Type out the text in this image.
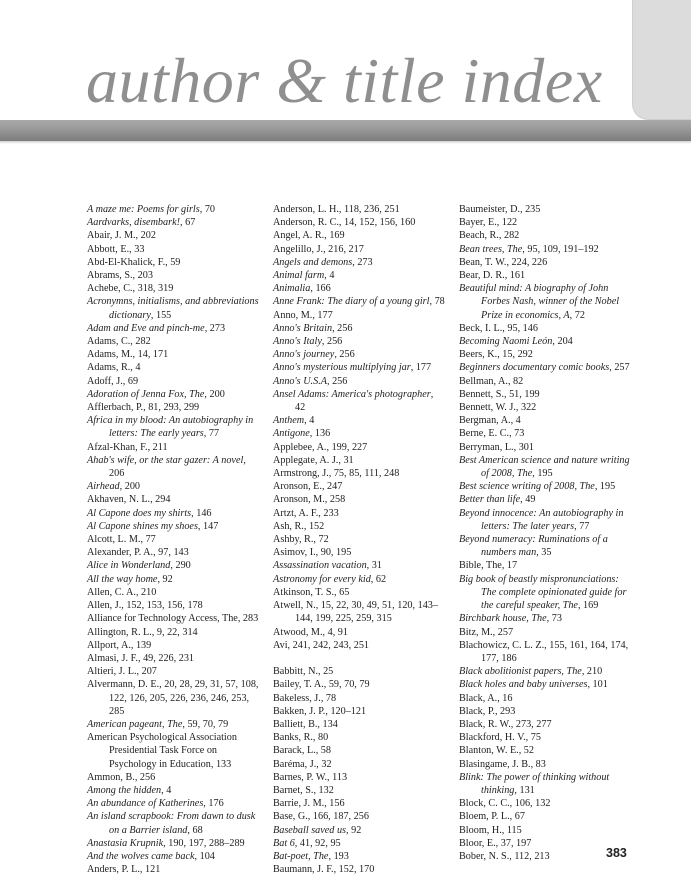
author & title index

A maze me: Poems for girls, 70

Aardvarks, disembark!, 67

Abair, J. M., 202

Abbott, E., 33

Abd-El-Khalick, F., 59

Abrams, S., 203

Achebe, C., 318, 319

Acronymns, initialisms, and abbreviations dictionary, 155

Adam and Eve and pinch-me, 273

Adams, C., 282

Adams, M., 14, 171

Adams, R., 4

Adoff, J., 69

Adoration of Jenna Fox, The, 200

Afflerbach, P., 81, 293, 299

Africa in my blood: An autobiography in letters: The early years, 77

Afzal-Khan, F., 211

Ahab's wife, or the star gazer: A novel, 206

Airhead, 200

Akhaven, N. L., 294

Al Capone does my shirts, 146

Al Capone shines my shoes, 147

Alcott, L. M., 77

Alexander, P. A., 97, 143

Alice in Wonderland, 290

All the way home, 92

Allen, C. A., 210

Allen, J., 152, 153, 156, 178

Alliance for Technology Access, The, 283

Allington, R. L., 9, 22, 314

Allport, A., 139

Almasi, J. F., 49, 226, 231

Altieri, J. L., 207

Alvermann, D. E., 20, 28, 29, 31, 57, 108, 122, 126, 205, 226, 236, 246, 253, 285

American pageant, The, 59, 70, 79

American Psychological Association Presidential Task Force on Psychology in Education, 133

Ammon, B., 256

Among the hidden, 4

An abundance of Katherines, 176

An island scrapbook: From dawn to dusk on a Barrier island, 68

Anastasia Krupnik, 190, 197, 288–289

And the wolves came back, 104

Anders, P. L., 121

Anderson, L. H., 118, 236, 251

Anderson, R. C., 14, 152, 156, 160

Angel, A. R., 169

Angelillo, J., 216, 217

Angels and demons, 273

Animal farm, 4

Animalia, 166

Anne Frank: The diary of a young girl, 78

Anno, M., 177

Anno's Britain, 256

Anno's Italy, 256

Anno's journey, 256

Anno's mysterious multiplying jar, 177

Anno's U.S.A, 256

Ansel Adams: America's photographer, 42

Anthem, 4

Antigone, 136

Applebee, A., 199, 227

Applegate, A. J., 31

Armstrong, J., 75, 85, 111, 248

Aronson, E., 247

Aronson, M., 258

Artzt, A. F., 233

Ash, R., 152

Ashby, R., 72

Asimov, I., 90, 195

Assassination vacation, 31

Astronomy for every kid, 62

Atkinson, T. S., 65

Atwell, N., 15, 22, 30, 49, 51, 120, 143–144, 199, 225, 259, 315

Atwood, M., 4, 91

Avi, 241, 242, 243, 251

Babbitt, N., 25

Bailey, T. A., 59, 70, 79

Bakeless, J., 78

Bakken, J. P., 120–121

Balliett, B., 134

Banks, R., 80

Barack, L., 58

Baréma, J., 32

Barnes, P. W., 113

Barnet, S., 132

Barrie, J. M., 156

Base, G., 166, 187, 256

Baseball saved us, 92

Bat 6, 41, 92, 95

Bat-poet, The, 193

Baumann, J. F., 152, 170

Baumeister, D., 235

Bayer, E., 122

Beach, R., 282

Bean trees, The, 95, 109, 191–192

Bean, T. W., 224, 226

Bear, D. R., 161

Beautiful mind: A biography of John Forbes Nash, winner of the Nobel Prize in economics, A, 72

Beck, I. L., 95, 146

Becoming Naomi León, 204

Beers, K., 15, 292

Beginners documentary comic books, 257

Bellman, A., 82

Bennett, S., 51, 199

Bennett, W. J., 322

Bergman, A., 4

Berne, E. C., 73

Berryman, L., 301

Best American science and nature writing of 2008, The, 195

Best science writing of 2008, The, 195

Better than life, 49

Beyond innocence: An autobiography in letters: The later years, 77

Beyond numeracy: Ruminations of a numbers man, 35

Bible, The, 17

Big book of beastly mispronunciations: The complete opinionated guide for the careful speaker, The, 169

Birchbark house, The, 73

Bitz, M., 257

Blachowicz, C. L. Z., 155, 161, 164, 174, 177, 186

Black abolitionist papers, The, 210

Black holes and baby universes, 101

Black, A., 16

Black, P., 293

Black, R. W., 273, 277

Blackford, H. V., 75

Blanton, W. E., 52

Blasingame, J. B., 83

Blink: The power of thinking without thinking, 131

Block, C. C., 106, 132

Bloem, P. L., 67

Bloom, H., 115

Bloor, E., 37, 197

Bober, N. S., 112, 213	383
